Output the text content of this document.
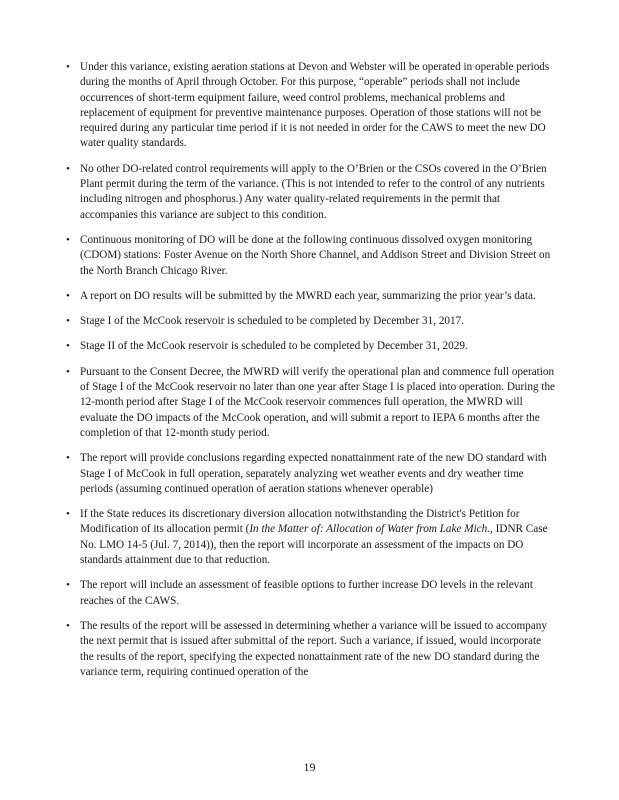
• Under this variance, existing aeration stations at Devon and Webster will be operated in operable periods during the months of April through October. For this purpose, “operable” periods shall not include occurrences of short-term equipment failure, weed control problems, mechanical problems and replacement of equipment for preventive maintenance purposes. Operation of those stations will not be required during any particular time period if it is not needed in order for the CAWS to meet the new DO water quality standards.
• No other DO-related control requirements will apply to the O’Brien or the CSOs covered in the O’Brien Plant permit during the term of the variance. (This is not intended to refer to the control of any nutrients including nitrogen and phosphorus.) Any water quality-related requirements in the permit that accompanies this variance are subject to this condition.
• Continuous monitoring of DO will be done at the following continuous dissolved oxygen monitoring (CDOM) stations: Foster Avenue on the North Shore Channel, and Addison Street and Division Street on the North Branch Chicago River.
• A report on DO results will be submitted by the MWRD each year, summarizing the prior year’s data.
• Stage I of the McCook reservoir is scheduled to be completed by December 31, 2017.
• Stage II of the McCook reservoir is scheduled to be completed by December 31, 2029.
• Pursuant to the Consent Decree, the MWRD will verify the operational plan and commence full operation of Stage I of the McCook reservoir no later than one year after Stage I is placed into operation. During the 12-month period after Stage I of the McCook reservoir commences full operation, the MWRD will evaluate the DO impacts of the McCook operation, and will submit a report to IEPA 6 months after the completion of that 12-month study period.
• The report will provide conclusions regarding expected nonattainment rate of the new DO standard with Stage I of McCook in full operation, separately analyzing wet weather events and dry weather time periods (assuming continued operation of aeration stations whenever operable)
• If the State reduces its discretionary diversion allocation notwithstanding the District's Petition for Modification of its allocation permit (In the Matter of: Allocation of Water from Lake Mich., IDNR Case No. LMO 14-5 (Jul. 7, 2014)), then the report will incorporate an assessment of the impacts on DO standards attainment due to that reduction.
• The report will include an assessment of feasible options to further increase DO levels in the relevant reaches of the CAWS.
• The results of the report will be assessed in determining whether a variance will be issued to accompany the next permit that is issued after submittal of the report. Such a variance, if issued, would incorporate the results of the report, specifying the expected nonattainment rate of the new DO standard during the variance term, requiring continued operation of the
19
